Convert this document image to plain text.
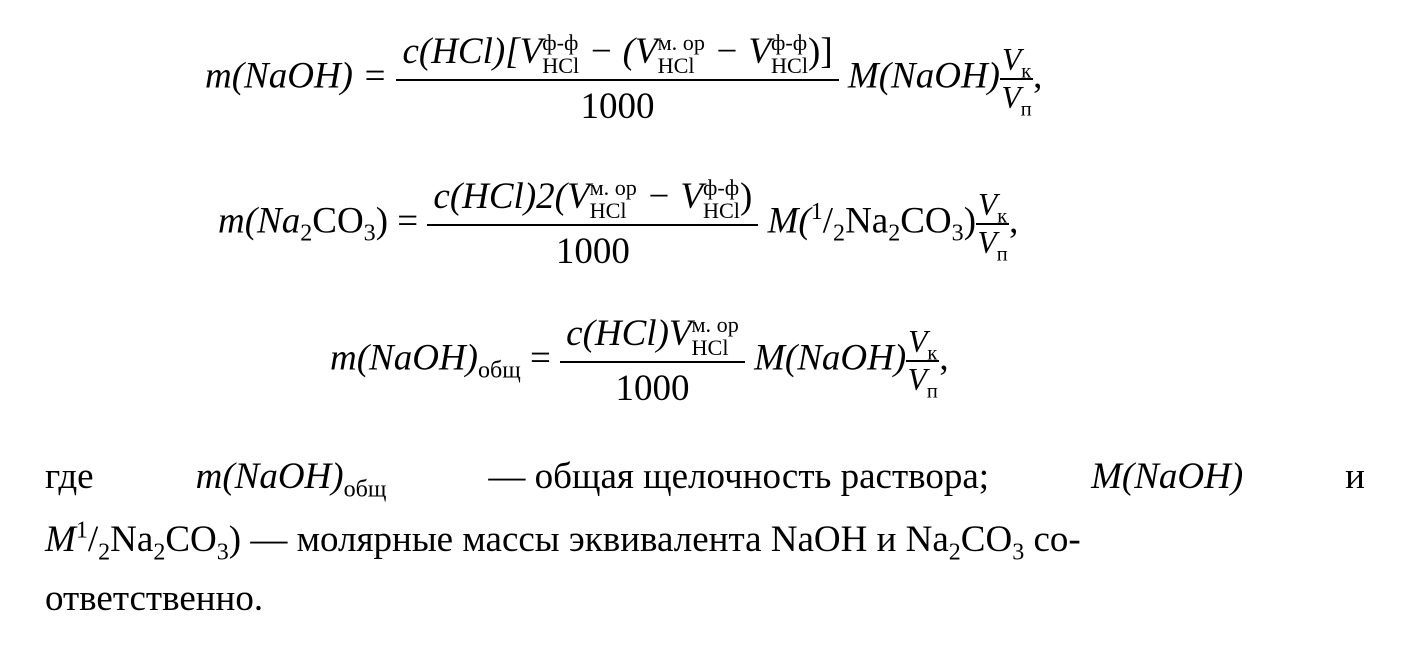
m(NaOH) = c(HCl)[V ф-ф
HCl − (V м. ор
HCl − V ф-ф
HCl )]
1000 M(NaOH) $\frac{V_к}{V_п}$ ,
$m(Na_2CO_3) = c(HCl)2(V$ м. ор
HCl − V ф-ф
HCl )
1000 $M(^1/_2Na_2CO_3) \frac{V_к}{V_п}$ ,
$m(NaOH)_{общ} = c(HCl)V$ м. ор
HCl
1000 M(NaOH) $\frac{V_к}{V_п}$ ,
где	$m(NaOH)_{общ}$	— общая щелочность раствора;	M(NaOH)	и
$M^1/_2Na_2CO_3$) — молярные массы эквивалента NaOH и $Na_2CO_3$ со-
ответственно.
